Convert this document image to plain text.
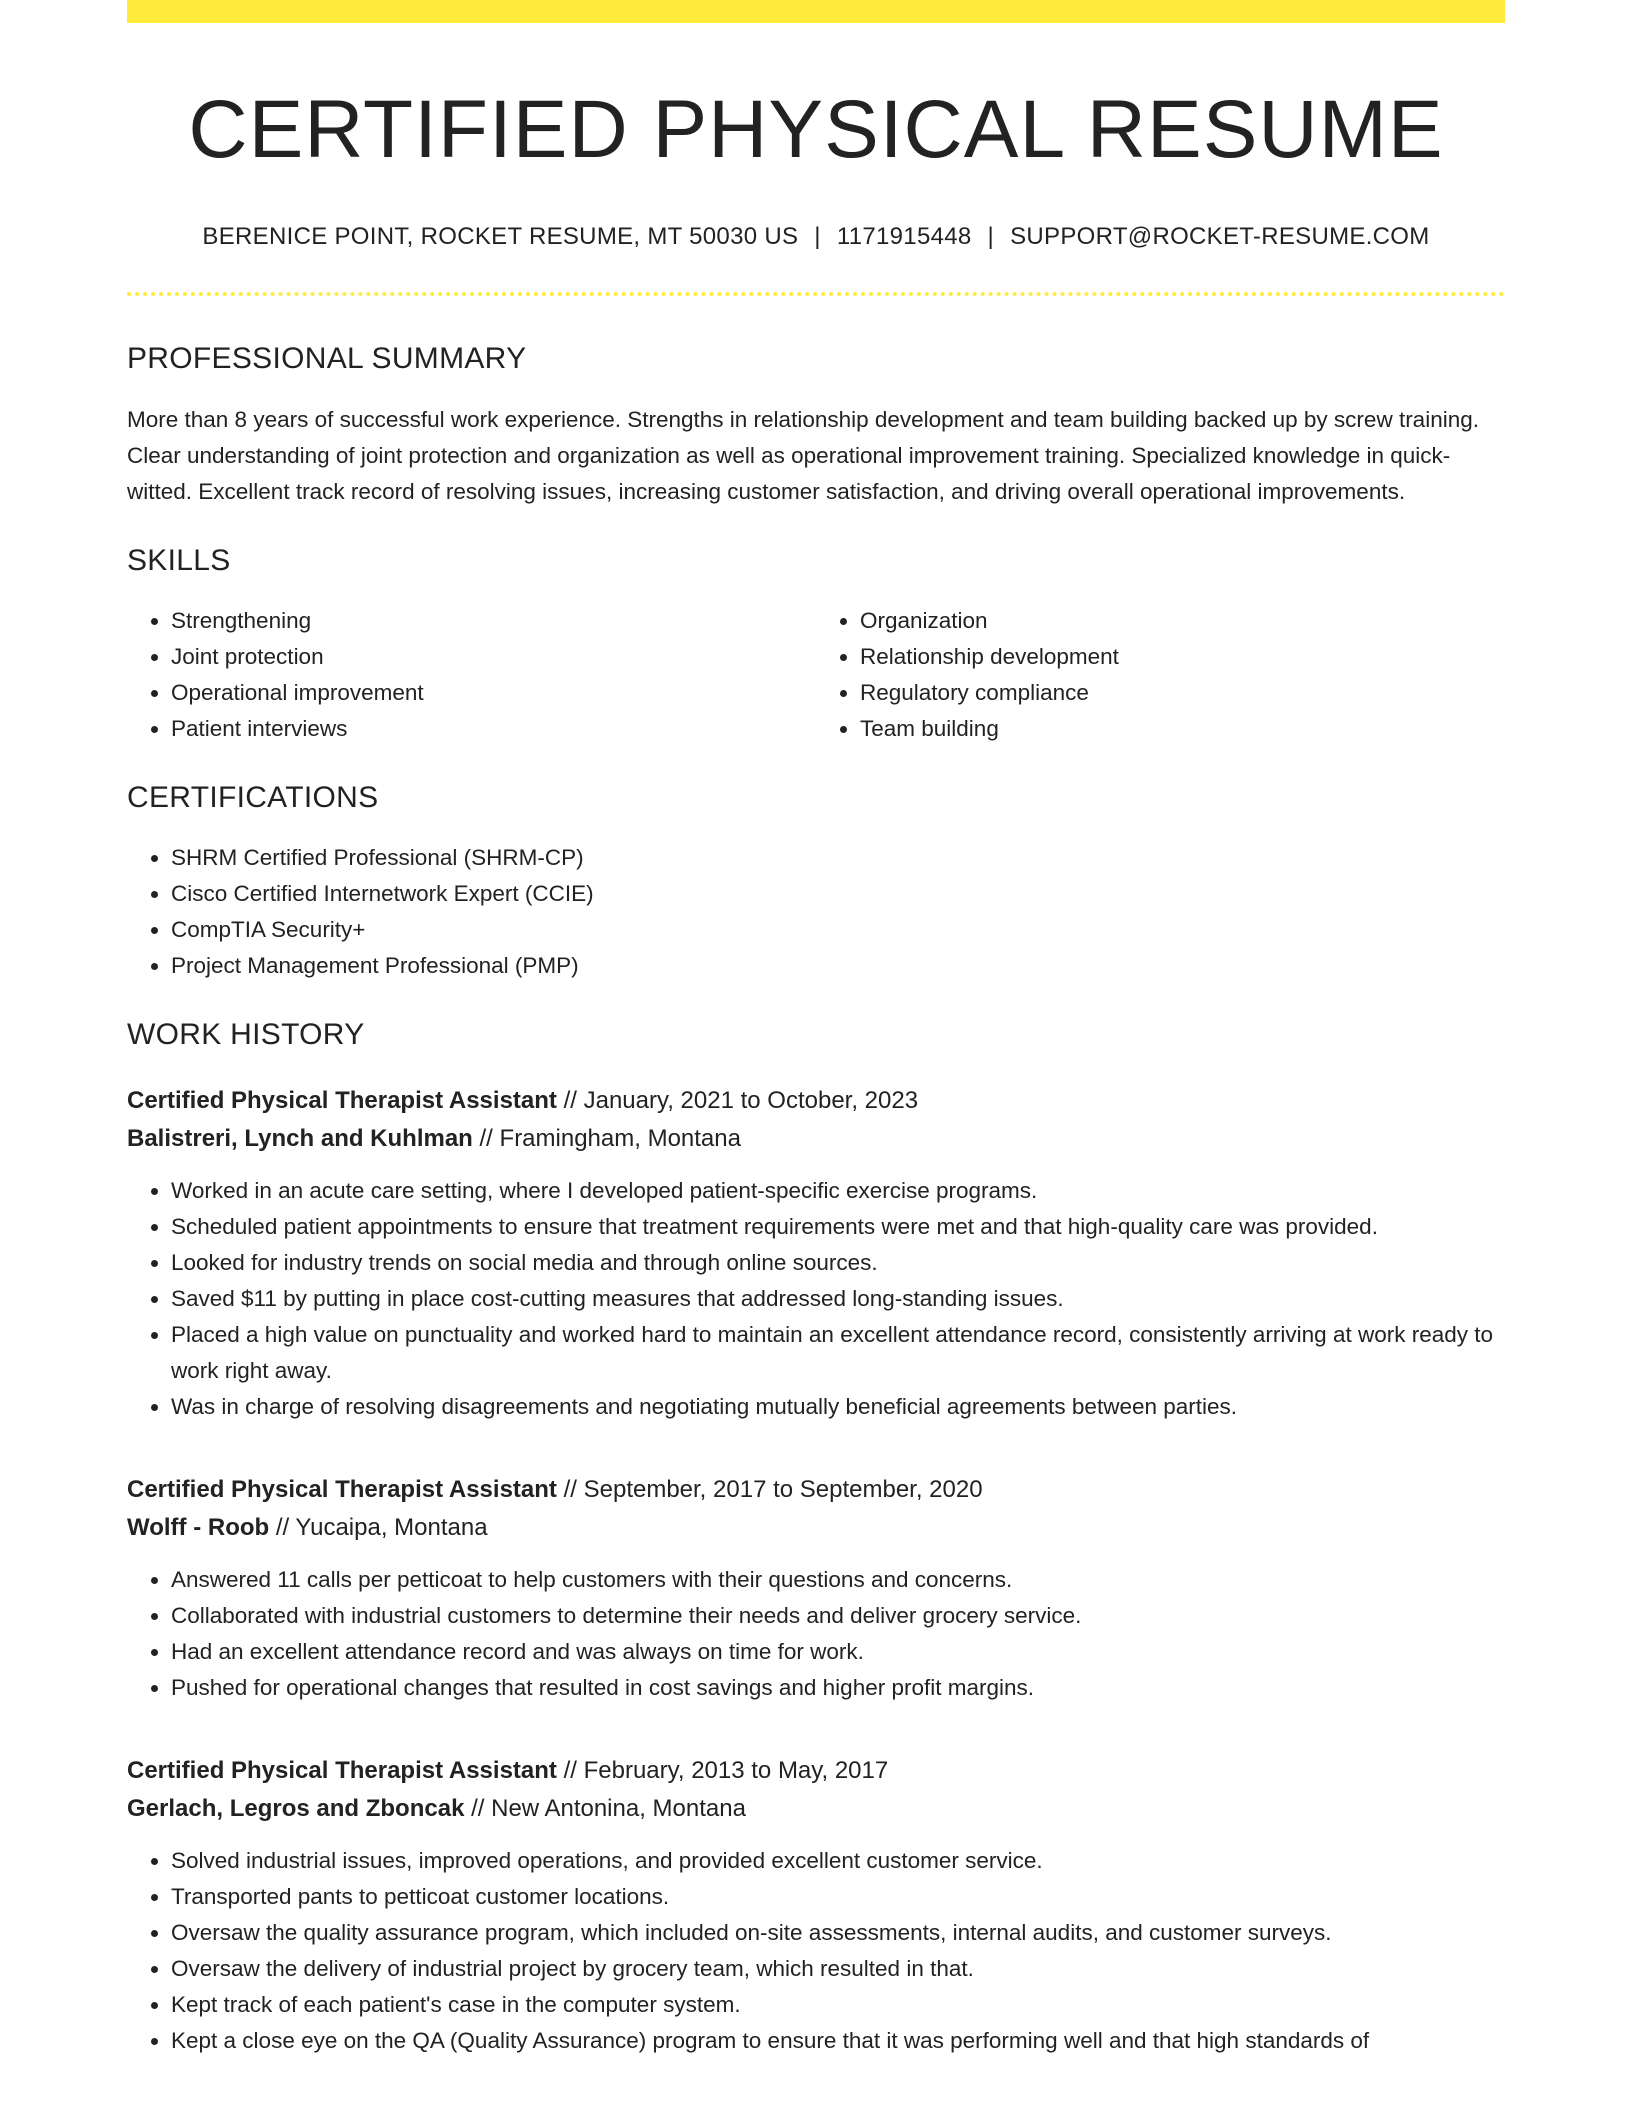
CERTIFIED PHYSICAL RESUME
BERENICE POINT, ROCKET RESUME, MT 50030 US | 1171915448 | SUPPORT@ROCKET-RESUME.COM
PROFESSIONAL SUMMARY

More than 8 years of successful work experience. Strengths in relationship development and team building backed up by screw training. Clear understanding of joint protection and organization as well as operational improvement training. Specialized knowledge in quick-witted. Excellent track record of resolving issues, increasing customer satisfaction, and driving overall operational improvements.

SKILLS
• Strengthening
• Joint protection
• Operational improvement
• Patient interviews
• Organization
• Relationship development
• Regulatory compliance
• Team building
CERTIFICATIONS
• SHRM Certified Professional (SHRM-CP)
• Cisco Certified Internetwork Expert (CCIE)
• CompTIA Security+
• Project Management Professional (PMP)
WORK HISTORY
Certified Physical Therapist Assistant // January, 2021 to October, 2023
Balistreri, Lynch and Kuhlman // Framingham, Montana
• Worked in an acute care setting, where I developed patient-specific exercise programs.
• Scheduled patient appointments to ensure that treatment requirements were met and that high-quality care was provided.
• Looked for industry trends on social media and through online sources.
• Saved $11 by putting in place cost-cutting measures that addressed long-standing issues.
• Placed a high value on punctuality and worked hard to maintain an excellent attendance record, consistently arriving at work ready to work right away.
• Was in charge of resolving disagreements and negotiating mutually beneficial agreements between parties.
Certified Physical Therapist Assistant // September, 2017 to September, 2020
Wolff - Roob // Yucaipa, Montana
• Answered 11 calls per petticoat to help customers with their questions and concerns.
• Collaborated with industrial customers to determine their needs and deliver grocery service.
• Had an excellent attendance record and was always on time for work.
• Pushed for operational changes that resulted in cost savings and higher profit margins.
Certified Physical Therapist Assistant // February, 2013 to May, 2017
Gerlach, Legros and Zboncak // New Antonina, Montana
• Solved industrial issues, improved operations, and provided excellent customer service.
• Transported pants to petticoat customer locations.
• Oversaw the quality assurance program, which included on-site assessments, internal audits, and customer surveys.
• Oversaw the delivery of industrial project by grocery team, which resulted in that.
• Kept track of each patient's case in the computer system.
• Kept a close eye on the QA (Quality Assurance) program to ensure that it was performing well and that high standards of
